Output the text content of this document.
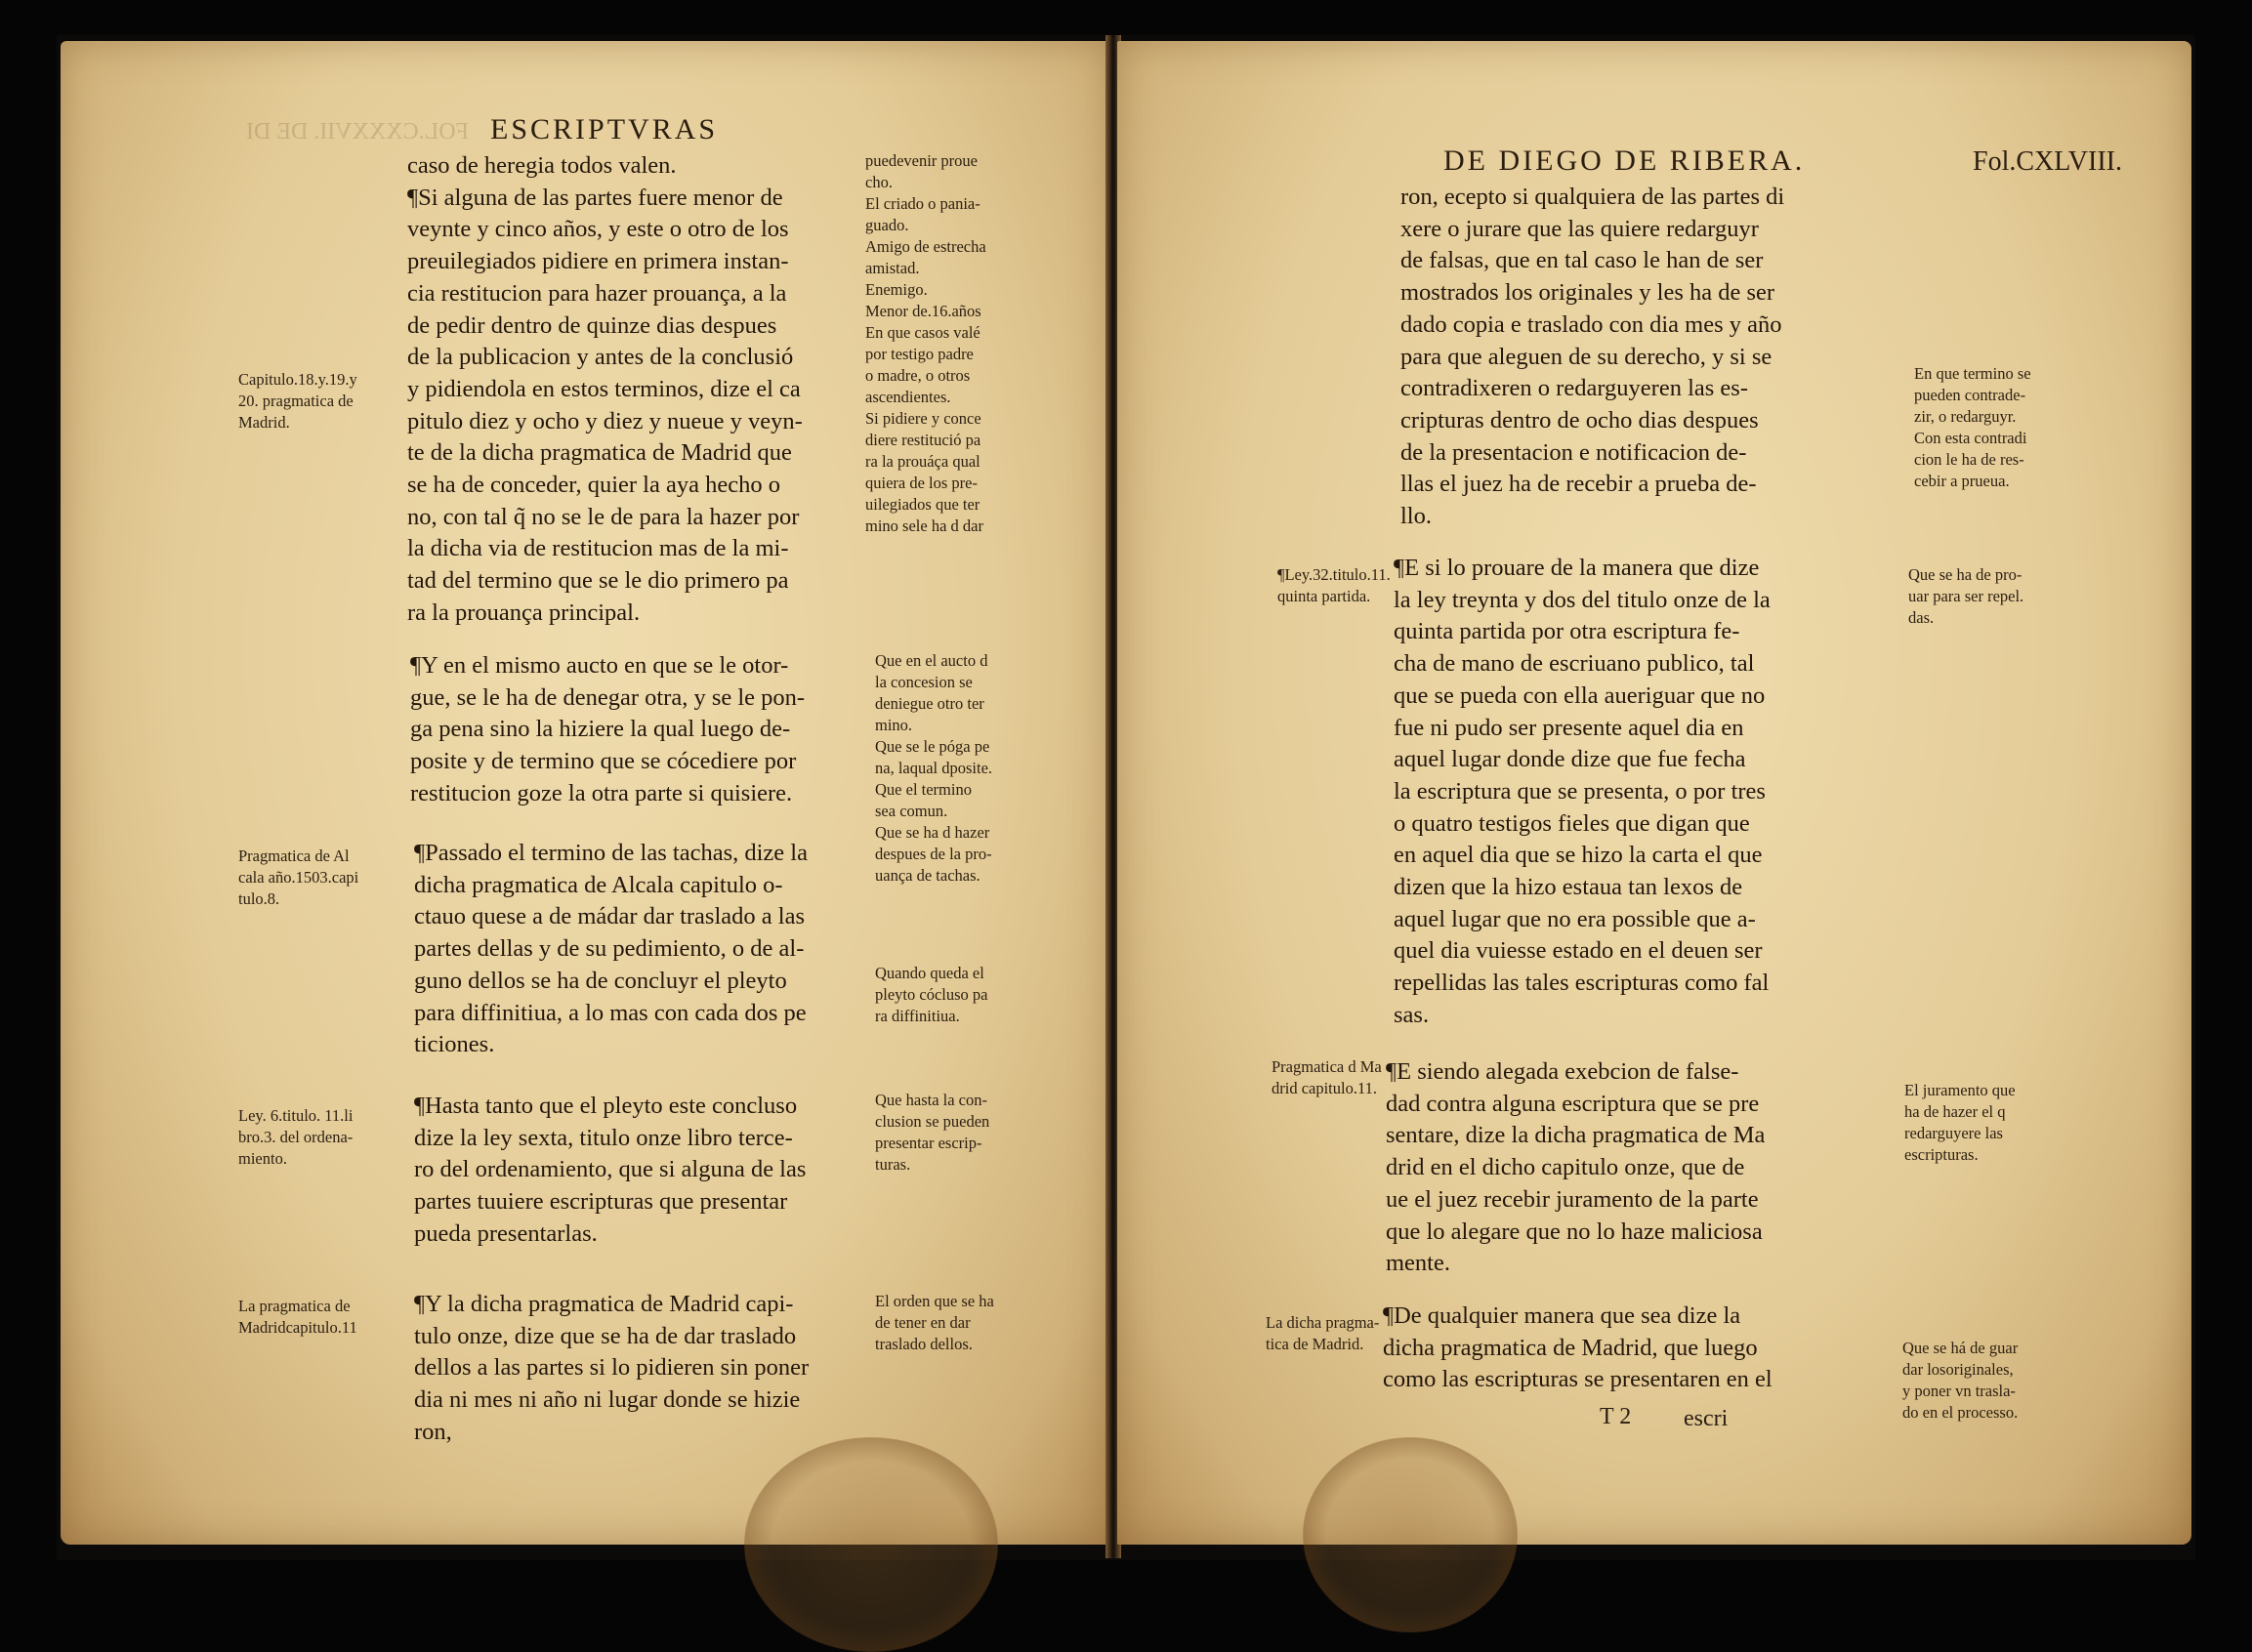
FOL.CXXXVII. DE DI ESCRIPTVRAS
caso de heregia todos valen.
¶Si alguna de las partes fuere menor de
veynte y cinco años, y este o otro de los
preuilegiados pidiere en primera instan-
cia restitucion para hazer prouança, a la
de pedir dentro de quinze dias despues
de la publicacion y antes de la conclusió
y pidiendola en estos terminos, dize el ca
pitulo diez y ocho y diez y nueue y veyn-
te de la dicha pragmatica de Madrid que
se ha de conceder, quier la aya hecho o
no, con tal q̃ no se le de para la hazer por
la dicha via de restitucion mas de la mi-
tad del termino que se le dio primero pa
ra la prouança principal.
¶Y en el mismo aucto en que se le otor-
gue, se le ha de denegar otra, y se le pon-
ga pena sino la hiziere la qual luego de-
posite y de termino que se cócediere por
restitucion goze la otra parte si quisiere.
¶Passado el termino de las tachas, dize la
dicha pragmatica de Alcala capitulo o-
ctauo quese a de mádar dar traslado a las
partes dellas y de su pedimiento, o de al-
guno dellos se ha de concluyr el pleyto
para diffinitiua, a lo mas con cada dos pe
ticiones.
¶Hasta tanto que el pleyto este concluso
dize la ley sexta, titulo onze libro terce-
ro del ordenamiento, que si alguna de las
partes tuuiere escripturas que presentar
pueda presentarlas.
¶Y la dicha pragmatica de Madrid capi-
tulo onze, dize que se ha de dar traslado
dellos a las partes si lo pidieren sin poner
dia ni mes ni año ni lugar donde se hizie
ron,
Capitulo.18.y.19.y
20. pragmatica de
Madrid.
Pragmatica de Al
cala año.1503.capi
tulo.8.
Ley. 6.titulo. 11.li
bro.3. del ordena-
miento.
La pragmatica de
Madridcapitulo.11
puedevenir proue
cho.
El criado o pania-
guado.
Amigo de estrecha
amistad.
Enemigo.
Menor de.16.años
En que casos valé
por testigo padre
o madre, o otros
ascendientes.
Si pidiere y conce
diere restitució pa
ra la prouáça qual
quiera de los pre-
uilegiados que ter
mino sele ha d dar
Que en el aucto d
la concesion se
deniegue otro ter
mino.
Que se le póga pe
na, laqual dposite.
Que el termino
sea comun.
Que se ha d hazer
despues de la pro-
uança de tachas.
Quando queda el
pleyto cócluso pa
ra diffinitiua.
Que hasta la con-
clusion se pueden
presentar escrip-
turas.
El orden que se ha
de tener en dar
traslado dellos.
DE DIEGO DE RIBERA.	Fol.CXLVIII.
ron, ecepto si qualquiera de las partes di
xere o jurare que las quiere redarguyr
de falsas, que en tal caso le han de ser
mostrados los originales y les ha de ser
dado copia e traslado con dia mes y año
para que aleguen de su derecho, y si se
contradixeren o redarguyeren las es-
cripturas dentro de ocho dias despues
de la presentacion e notificacion de-
llas el juez ha de recebir a prueba de-
llo.
¶E si lo prouare de la manera que dize
la ley treynta y dos del titulo onze de la
quinta partida por otra escriptura fe-
cha de mano de escriuano publico, tal
que se pueda con ella aueriguar que no
fue ni pudo ser presente aquel dia en
aquel lugar donde dize que fue fecha
la escriptura que se presenta, o por tres
o quatro testigos fieles que digan que
en aquel dia que se hizo la carta el que
dizen que la hizo estaua tan lexos de
aquel lugar que no era possible que a-
quel dia vuiesse estado en el deuen ser
repellidas las tales escripturas como fal
sas.
¶E siendo alegada exebcion de false-
dad contra alguna escriptura que se pre
sentare, dize la dicha pragmatica de Ma
drid en el dicho capitulo onze, que de
ue el juez recebir juramento de la parte
que lo alegare que no lo haze maliciosa
mente.
¶De qualquier manera que sea dize la
dicha pragmatica de Madrid, que luego
como las escripturas se presentaren en el
¶Ley.32.titulo.11.
quinta partida.
Pragmatica d Ma
drid capitulo.11.
La dicha pragma-
tica de Madrid.
En que termino se
pueden contrade-
zir, o redarguyr.
Con esta contradi
cion le ha de res-
cebir a prueua.
Que se ha de pro-
uar para ser repel.
das.
El juramento que
ha de hazer el q
redarguyere las
escripturas.
Que se há de guar
dar losoriginales,
y poner vn trasla-
do en el processo.
T 2 escri
